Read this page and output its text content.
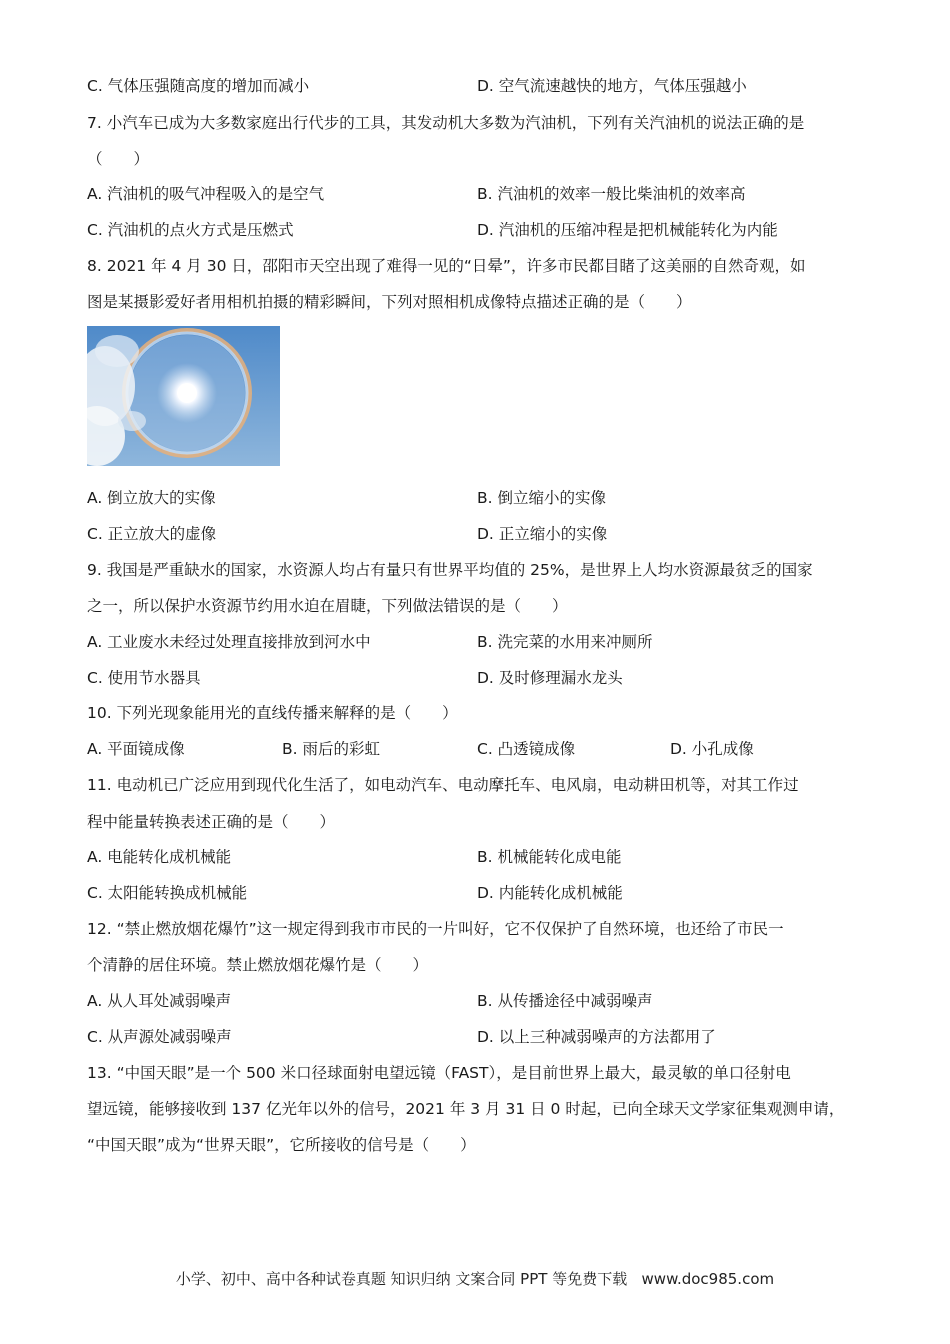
C. 气体压强随高度的增加而减小	D. 空气流速越快的地方，气体压强越小
7. 小汽车已成为大多数家庭出行代步的工具，其发动机大多数为汽油机，下列有关汽油机的说法正确的是
（　　）
A. 汽油机的吸气冲程吸入的是空气	B. 汽油机的效率一般比柴油机的效率高
C. 汽油机的点火方式是压燃式	D. 汽油机的压缩冲程是把机械能转化为内能
8. 2021 年 4 月 30 日，邵阳市天空出现了难得一见的“日晕”，许多市民都目睹了这美丽的自然奇观，如
图是某摄影爱好者用相机拍摄的精彩瞬间，下列对照相机成像特点描述正确的是（　　）
A. 倒立放大的实像	B. 倒立缩小的实像
C. 正立放大的虚像	D. 正立缩小的实像
9. 我国是严重缺水的国家，水资源人均占有量只有世界平均值的 25%，是世界上人均水资源最贫乏的国家
之一，所以保护水资源节约用水迫在眉睫，下列做法错误的是（　　）
A. 工业废水未经过处理直接排放到河水中	B. 洗完菜的水用来冲厕所
C. 使用节水器具	D. 及时修理漏水龙头
10. 下列光现象能用光的直线传播来解释的是（　　）
A. 平面镜成像	B. 雨后的彩虹	C. 凸透镜成像	D. 小孔成像
11. 电动机已广泛应用到现代化生活了，如电动汽车、电动摩托车、电风扇，电动耕田机等，对其工作过
程中能量转换表述正确的是（　　）
A. 电能转化成机械能	B. 机械能转化成电能
C. 太阳能转换成机械能	D. 内能转化成机械能
12. “禁止燃放烟花爆竹”这一规定得到我市市民的一片叫好，它不仅保护了自然环境，也还给了市民一
个清静的居住环境。禁止燃放烟花爆竹是（　　）
A. 从人耳处减弱噪声	B. 从传播途径中减弱噪声
C. 从声源处减弱噪声	D. 以上三种减弱噪声的方法都用了
13. “中国天眼”是一个 500 米口径球面射电望远镜（FAST），是目前世界上最大，最灵敏的单口径射电
望远镜，能够接收到 137 亿光年以外的信号，2021 年 3 月 31 日 0 时起，已向全球天文学家征集观测申请，
“中国天眼”成为“世界天眼”，它所接收的信号是（　　）
小学、初中、高中各种试卷真题 知识归纳 文案合同 PPT 等免费下载 www.doc985.com
